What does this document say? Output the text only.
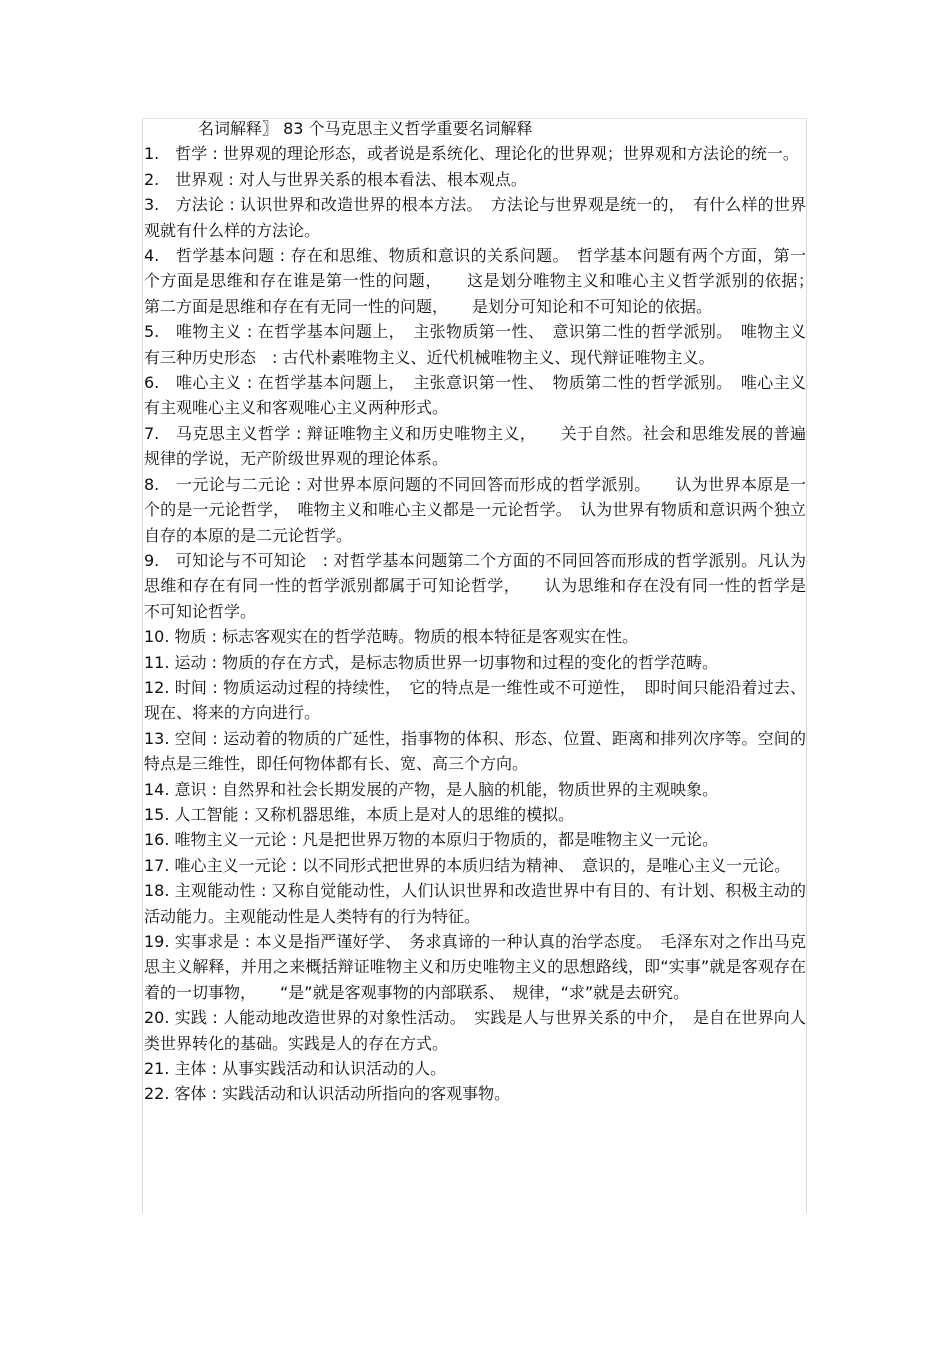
名词解释〗 83 个马克思主义哲学重要名词解释

1.　哲学 : 世界观的理论形态，或者说是系统化、理论化的世界观；世界观和方法论的统一。

2.　世界观 : 对人与世界关系的根本看法、根本观点。

3.　方法论 : 认识世界和改造世界的根本方法。　方法论与世界观是统一的，　有什么样的世界观就有什么样的方法论。

4.　哲学基本问题 : 存在和思维、物质和意识的关系问题。　哲学基本问题有两个方面，第一个方面是思维和存在谁是第一性的问题，　　这是划分唯物主义和唯心主义哲学派别的依据；　第二方面是思维和存在有无同一性的问题，　　是划分可知论和不可知论的依据。

5.　唯物主义 : 在哲学基本问题上，　主张物质第一性、　意识第二性的哲学派别。　唯物主义有三种历史形态　: 古代朴素唯物主义、近代机械唯物主义、现代辩证唯物主义。

6.　唯心主义 : 在哲学基本问题上，　主张意识第一性、　物质第二性的哲学派别。　唯心主义有主观唯心主义和客观唯心主义两种形式。

7.　马克思主义哲学 : 辩证唯物主义和历史唯物主义，　　关于自然。社会和思维发展的普遍规律的学说，无产阶级世界观的理论体系。

8.　一元论与二元论 : 对世界本原问题的不同回答而形成的哲学派别。　　认为世界本原是一个的是一元论哲学，　唯物主义和唯心主义都是一元论哲学。　认为世界有物质和意识两个独立自存的本原的是二元论哲学。

9.　可知论与不可知论　: 对哲学基本问题第二个方面的不同回答而形成的哲学派别。凡认为思维和存在有同一性的哲学派别都属于可知论哲学，　　认为思维和存在没有同一性的哲学是不可知论哲学。

10. 物质 : 标志客观实在的哲学范畴。物质的根本特征是客观实在性。

11. 运动 : 物质的存在方式，是标志物质世界一切事物和过程的变化的哲学范畴。

12. 时间 : 物质运动过程的持续性，　它的特点是一维性或不可逆性，　即时间只能沿着过去、现在、将来的方向进行。

13. 空间 : 运动着的物质的广延性，指事物的体积、形态、位置、距离和排列次序等。空间的特点是三维性，即任何物体都有长、宽、高三个方向。

14. 意识 : 自然界和社会长期发展的产物，是人脑的机能，物质世界的主观映象。

15. 人工智能 : 又称机器思维，本质上是对人的思维的模拟。

16. 唯物主义一元论 : 凡是把世界万物的本原归于物质的，都是唯物主义一元论。

17. 唯心主义一元论 : 以不同形式把世界的本质归结为精神、　意识的，是唯心主义一元论。

18. 主观能动性 : 又称自觉能动性，人们认识世界和改造世界中有目的、有计划、积极主动的活动能力。主观能动性是人类特有的行为特征。

19. 实事求是 : 本义是指严谨好学、　务求真谛的一种认真的治学态度。　毛泽东对之作出马克思主义解释，并用之来概括辩证唯物主义和历史唯物主义的思想路线，即“实事”就是客观存在着的一切事物，　　“是”就是客观事物的内部联系、　规律，“求”就是去研究。

20. 实践 : 人能动地改造世界的对象性活动。　实践是人与世界关系的中介，　是自在世界向人类世界转化的基础。实践是人的存在方式。

21. 主体 : 从事实践活动和认识活动的人。

22. 客体 : 实践活动和认识活动所指向的客观事物。
